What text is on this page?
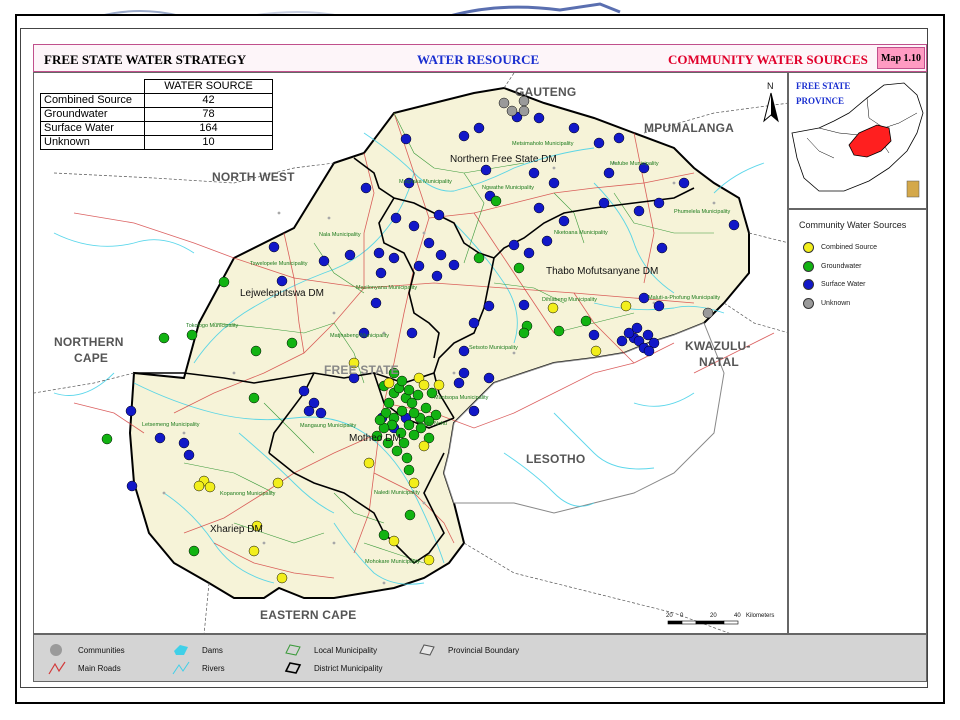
FREE STATE WATER STRATEGY	WATER RESOURCE	COMMUNITY WATER SOURCES	Map 1.10
	WATER SOURCE
Combined Source	42
Groundwater	78
Surface Water	164
Unknown	10
GAUTENG
MPUMALANGA
NORTH WEST
NORTHERN
CAPE
KWAZULU-
NATAL
LESOTHO
EASTERN CAPE
FREE STATE
Northern Free State DM
Thabo Mofutsanyane DM
Lejweleputswa DM
Motheo DM
Xhariep DM
Moqhaka Municipality
Ngwathe Municipality
Metsimaholo Municipality
Mafube Municipality
Phumelela Municipality
Nala Municipality	Nketoana Municipality
Dihlabeng Municipality
Setsoto Municipality
Maluti-a-Phofung Municipality
Masilonyana Municipality
Matjhabeng Municipality
Tswelopele Municipality
Tokologo Municipality
Mangaung Municipality
Mantsopa Municipality
Letsemeng Municipality
Kopanong Municipality	Naledi Municipality
Mohokare Municipality
Thaba Nchu
N
20 0	20	40 Kilometers
FREE STATE
PROVINCE
Community Water Sources
Combined Source
Groundwater
Surface Water
Unknown
Communities
Main Roads
Dams
Rivers
Local Municipality
District Municipality
Provincial Boundary
